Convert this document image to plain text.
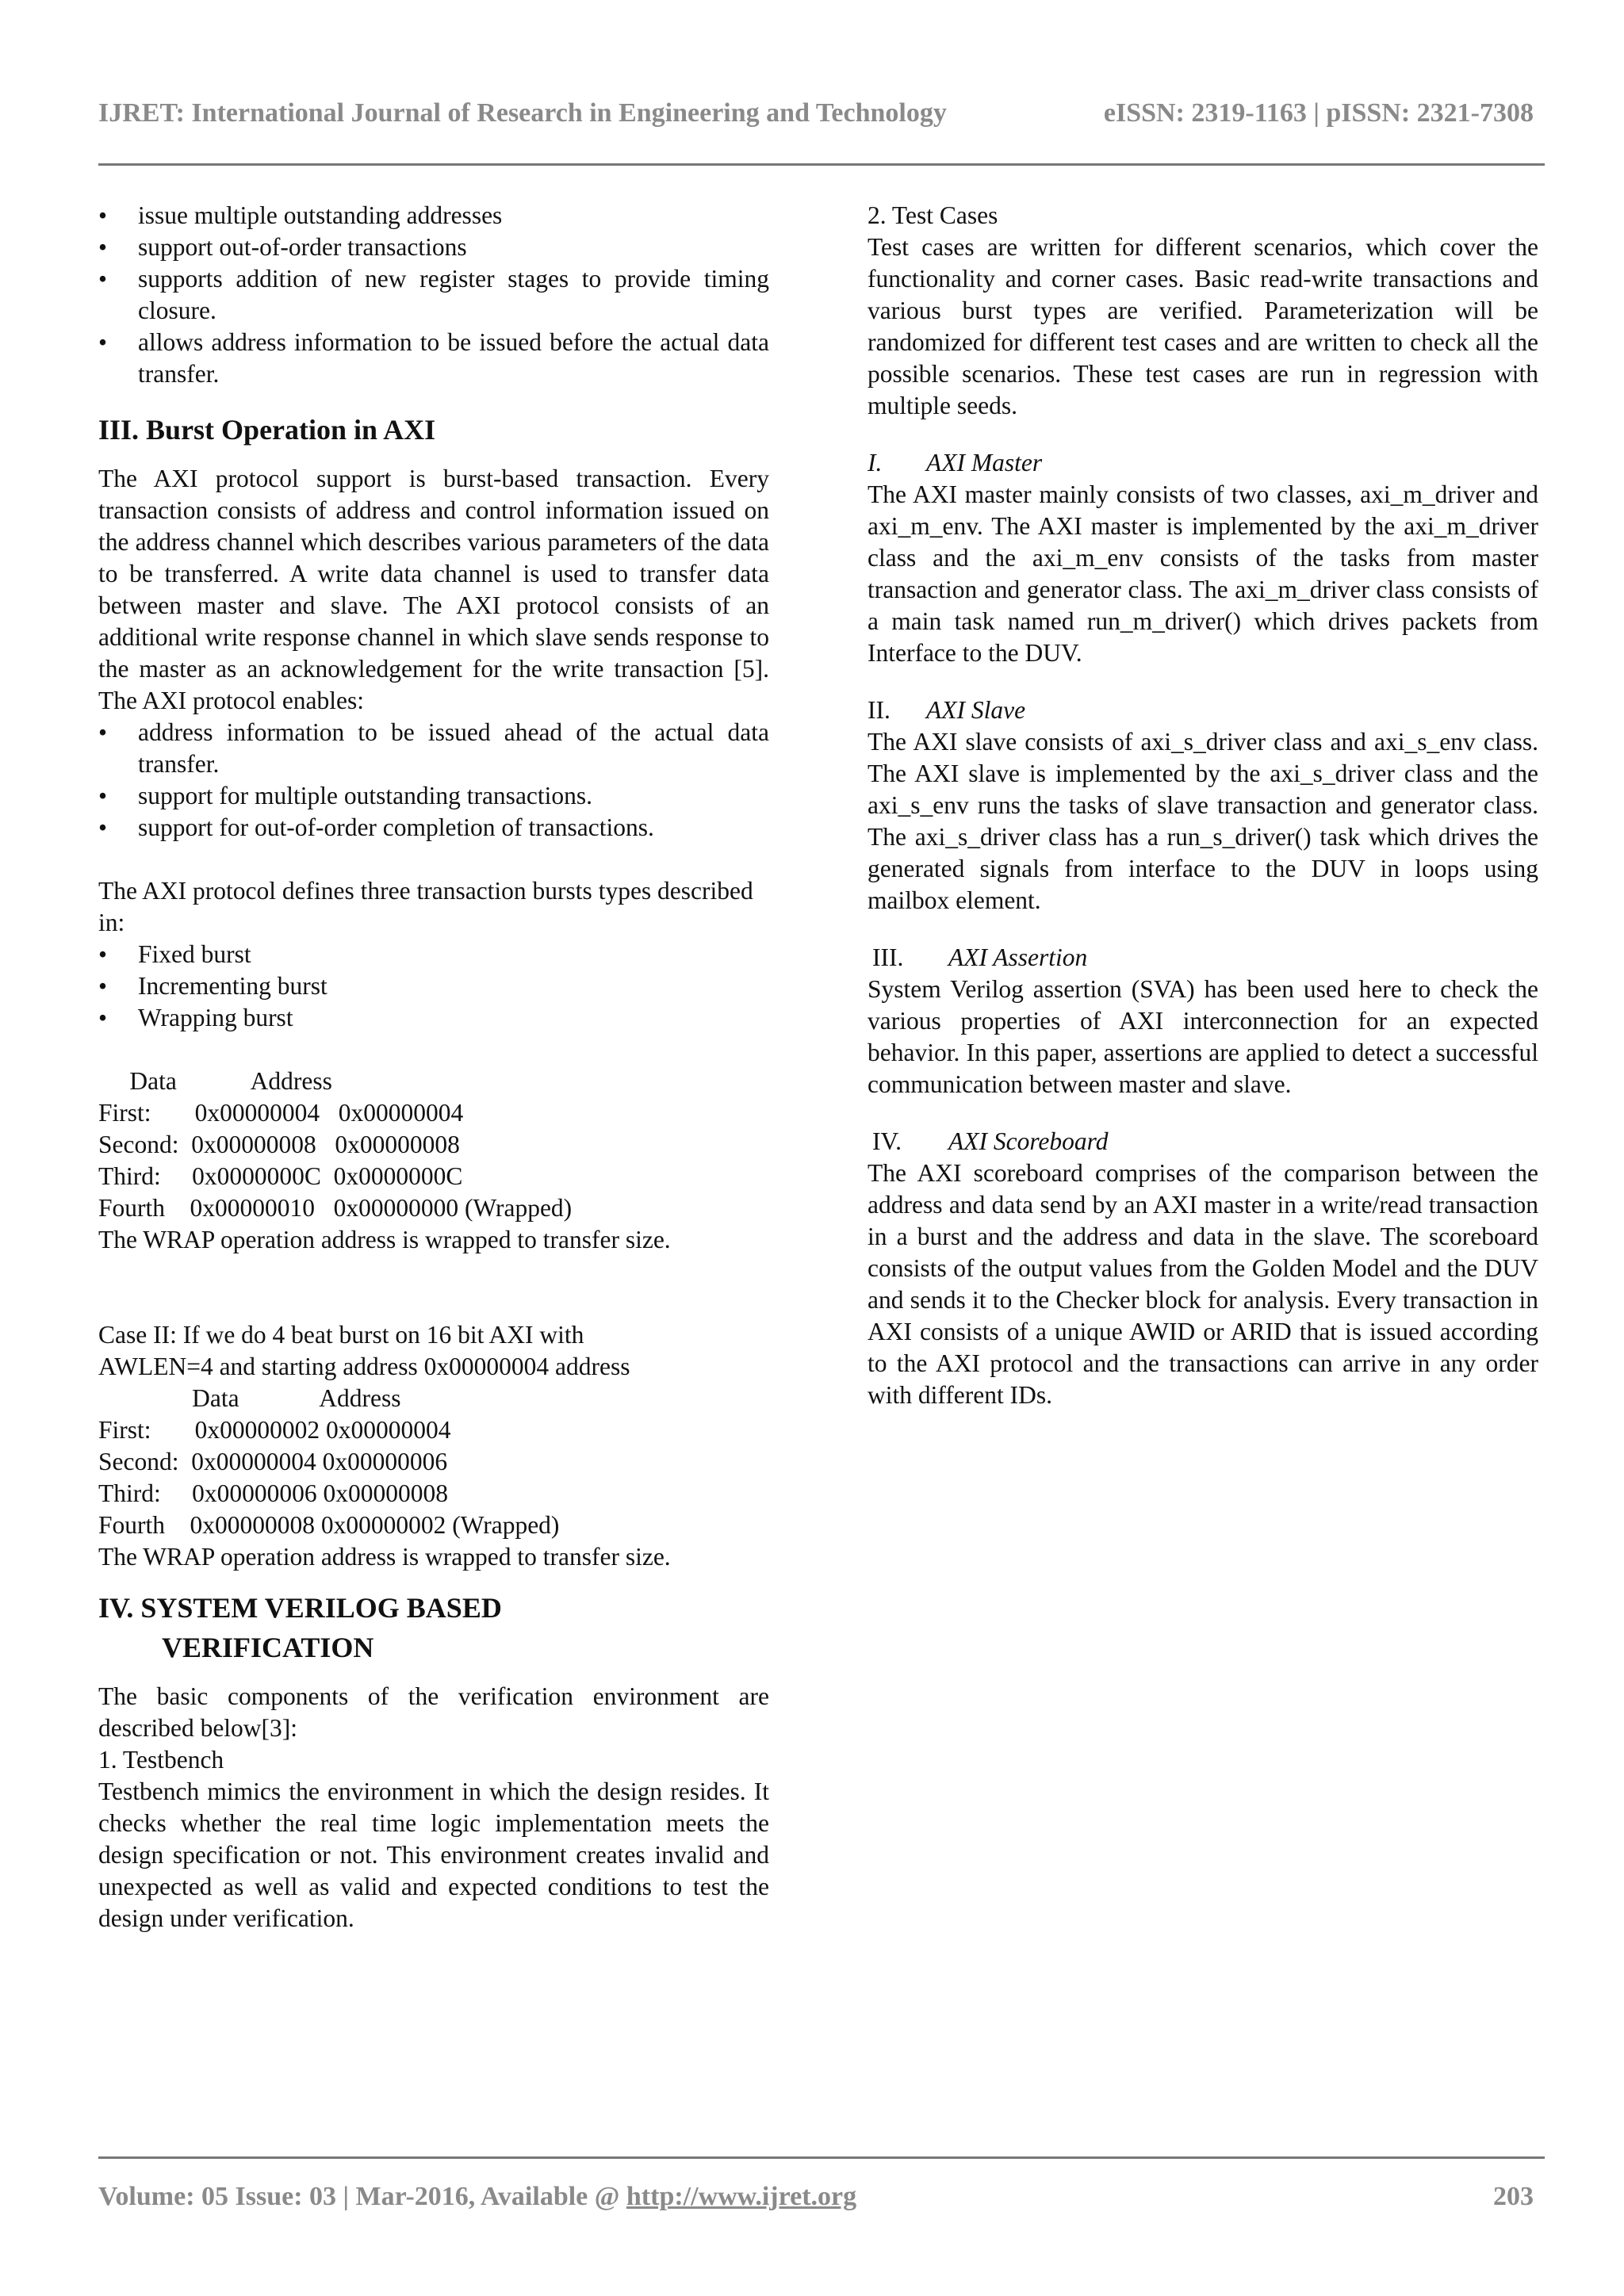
IJRET: International Journal of Research in Engineering and Technology	eISSN: 2319-1163 | pISSN: 2321-7308
• issue multiple outstanding addresses
• support out-of-order transactions
• supports addition of new register stages to provide timing closure.
• allows address information to be issued before the actual data transfer.
III. Burst Operation in AXI

The AXI protocol support is burst-based transaction. Every transaction consists of address and control information issued on the address channel which describes various parameters of the data to be transferred. A write data channel is used to transfer data between master and slave. The AXI protocol consists of an additional write response channel in which slave sends response to the master as an acknowledgement for the write transaction [5]. The AXI protocol enables:

• address information to be issued ahead of the actual data transfer.
• support for multiple outstanding transactions.
• support for out-of-order completion of transactions.

The AXI protocol defines three transaction bursts types described in:

• Fixed burst
• Incrementing burst
• Wrapping burst
Data            Address
First:       0x00000004   0x00000004
Second:  0x00000008   0x00000008
Third:     0x0000000C  0x0000000C
Fourth    0x00000010   0x00000000 (Wrapped)

The WRAP operation address is wrapped to transfer size.

Case II: If we do 4 beat burst on 16 bit AXI with

AWLEN=4 and starting address 0x00000004 address

Data             Address
First:       0x00000002 0x00000004
Second:  0x00000004 0x00000006
Third:     0x00000006 0x00000008
Fourth    0x00000008 0x00000002 (Wrapped)

The WRAP operation address is wrapped to transfer size.

IV. SYSTEM VERILOG BASED
VERIFICATION

The basic components of the verification environment are described below[3]:

1. Testbench

Testbench mimics the environment in which the design resides. It checks whether the real time logic implementation meets the design specification or not. This environment creates invalid and unexpected as well as valid and expected conditions to test the design under verification.

2. Test Cases

Test cases are written for different scenarios, which cover the functionality and corner cases. Basic read-write transactions and various burst types are verified. Parameterization will be randomized for different test cases and are written to check all the possible scenarios. These test cases are run in regression with multiple seeds.

I. AXI Master

The AXI master mainly consists of two classes, axi_m_driver and axi_m_env. The AXI master is implemented by the axi_m_driver class and the axi_m_env consists of the tasks from master transaction and generator class. The axi_m_driver class consists of a main task named run_m_driver() which drives packets from Interface to the DUV.

II. AXI Slave

The AXI slave consists of axi_s_driver class and axi_s_env class. The AXI slave is implemented by the axi_s_driver class and the axi_s_env runs the tasks of slave transaction and generator class. The axi_s_driver class has a run_s_driver() task which drives the generated signals from interface to the DUV in loops using mailbox element.

III. AXI Assertion

System Verilog assertion (SVA) has been used here to check the various properties of AXI interconnection for an expected behavior. In this paper, assertions are applied to detect a successful communication between master and slave.

IV. AXI Scoreboard

The AXI scoreboard comprises of the comparison between the address and data send by an AXI master in a write/read transaction in a burst and the address and data in the slave. The scoreboard consists of the output values from the Golden Model and the DUV and sends it to the Checker block for analysis. Every transaction in AXI consists of a unique AWID or ARID that is issued according to the AXI protocol and the transactions can arrive in any order with different IDs.

Volume: 05 Issue: 03 | Mar-2016, Available @ http://www.ijret.org	203
